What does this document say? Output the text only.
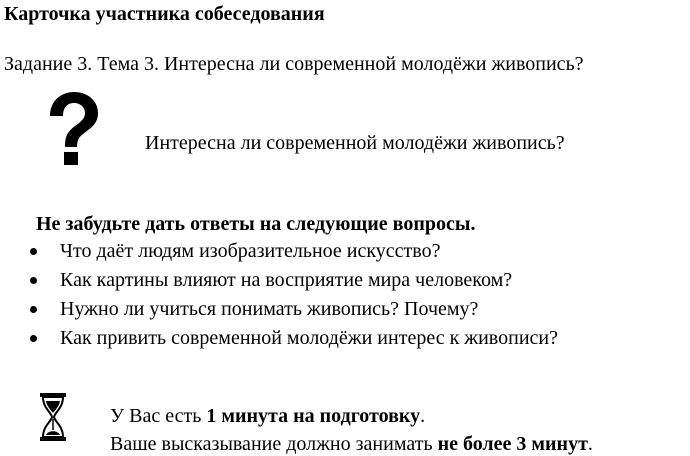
Карточка участника собеседования
Задание 3. Тема 3. Интересна ли современной молодёжи живопись?
Интересна ли современной молодёжи живопись?
Не забудьте дать ответы на следующие вопросы.
Что даёт людям изобразительное искусство?
Как картины влияют на восприятие мира человеком?
Нужно ли учиться понимать живопись? Почему?
Как привить современной молодёжи интерес к живописи?
У Вас есть 1 минута на подготовку.
Ваше высказывание должно занимать не более 3 минут.
